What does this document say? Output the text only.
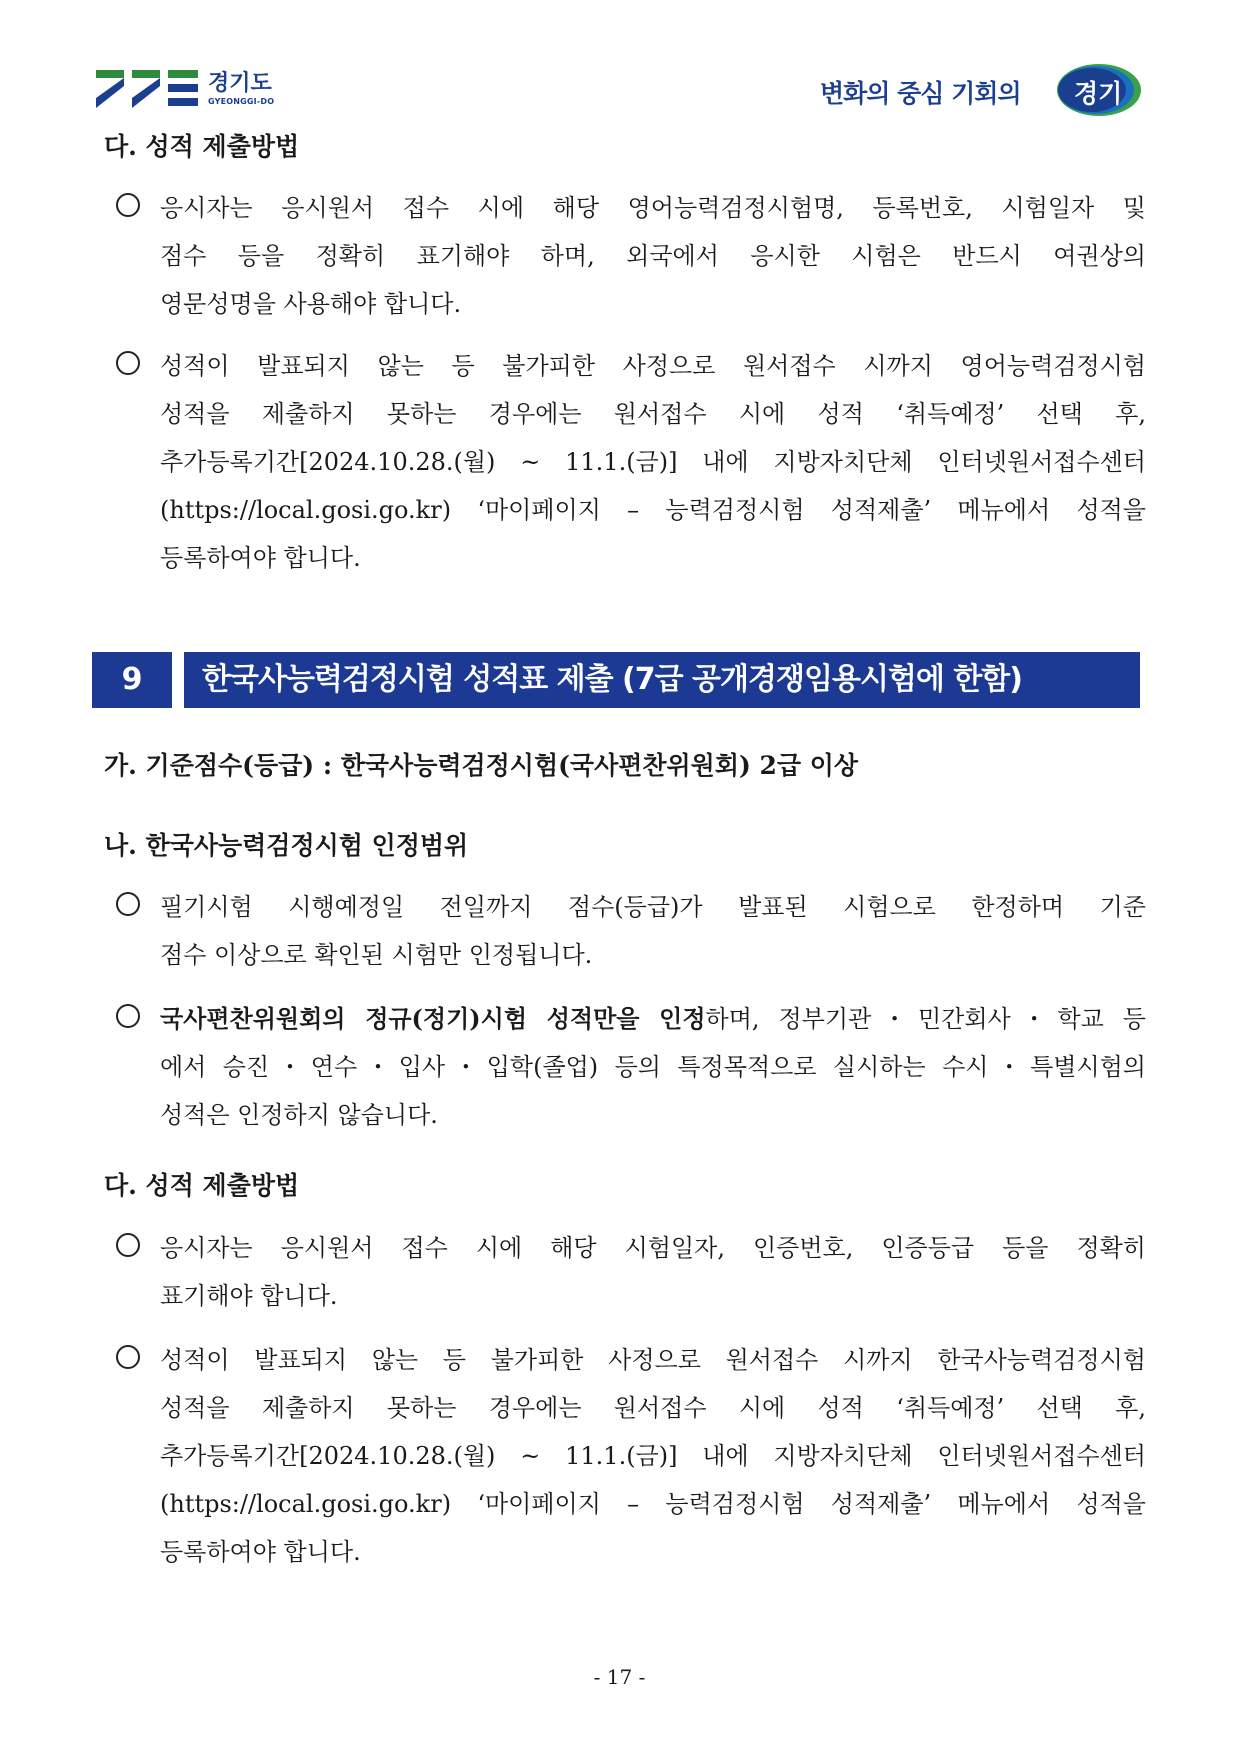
경기도
GYEONGGI-DO	변화의 중심 기회의 경기
다. 성적 제출방법
응시자는 응시원서 접수 시에 해당 영어능력검정시험명, 등록번호, 시험일자 및
점수 등을 정확히 표기해야 하며, 외국에서 응시한 시험은 반드시 여권상의
영문성명을 사용해야 합니다.
성적이 발표되지 않는 등 불가피한 사정으로 원서접수 시까지 영어능력검정시험
성적을 제출하지 못하는 경우에는 원서접수 시에 성적 ‘취득예정’ 선택 후,
추가등록기간[2024.10.28.(월) ~ 11.1.(금)] 내에 지방자치단체 인터넷원서접수센터
(https://local.gosi.go.kr) ‘마이페이지 – 능력검정시험 성적제출’ 메뉴에서 성적을
등록하여야 합니다.
9	한국사능력검정시험 성적표 제출 (7급 공개경쟁임용시험에 한함)
가. 기준점수(등급) : 한국사능력검정시험(국사편찬위원회) 2급 이상
나. 한국사능력검정시험 인정범위
필기시험 시행예정일 전일까지 점수(등급)가 발표된 시험으로 한정하며 기준
점수 이상으로 확인된 시험만 인정됩니다.
국사편찬위원회의 정규(정기)시험 성적만을 인정하며, 정부기관・민간회사・학교 등
에서 승진・연수・입사・입학(졸업) 등의 특정목적으로 실시하는 수시・특별시험의
성적은 인정하지 않습니다.
다. 성적 제출방법
응시자는 응시원서 접수 시에 해당 시험일자, 인증번호, 인증등급 등을 정확히
표기해야 합니다.
성적이 발표되지 않는 등 불가피한 사정으로 원서접수 시까지 한국사능력검정시험
성적을 제출하지 못하는 경우에는 원서접수 시에 성적 ‘취득예정’ 선택 후,
추가등록기간[2024.10.28.(월) ~ 11.1.(금)] 내에 지방자치단체 인터넷원서접수센터
(https://local.gosi.go.kr) ‘마이페이지 – 능력검정시험 성적제출’ 메뉴에서 성적을
등록하여야 합니다.
- 17 -
